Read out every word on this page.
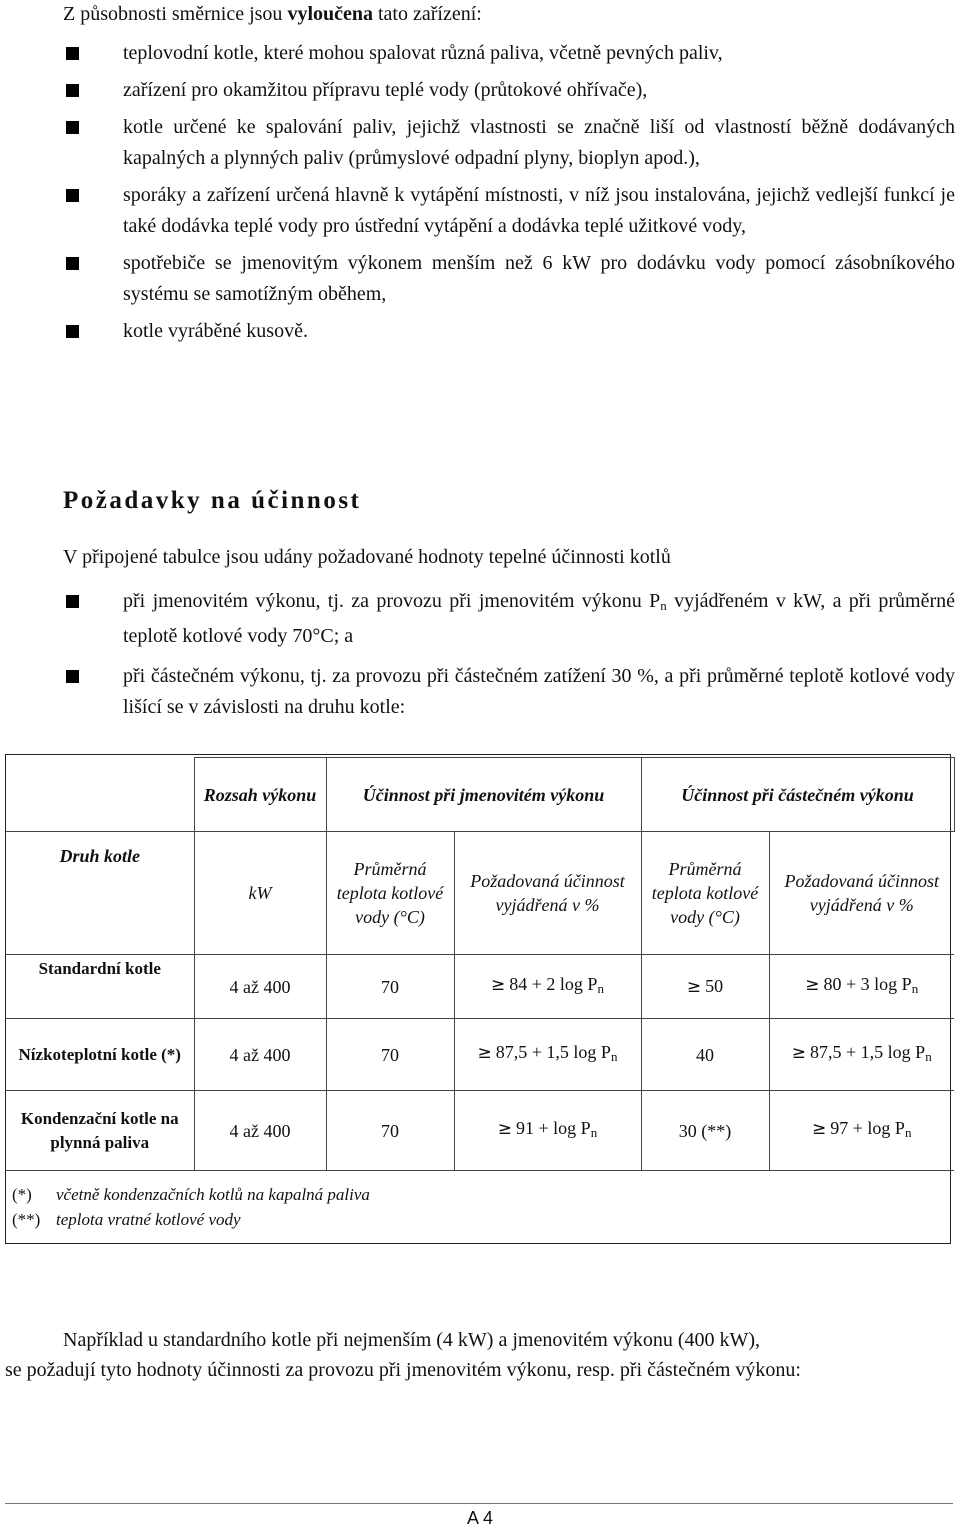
Z působnosti směrnice jsou vyloučena tato zařízení:
teplovodní kotle, které mohou spalovat různá paliva, včetně pevných paliv,
zařízení pro okamžitou přípravu teplé vody (průtokové ohřívače),
kotle určené ke spalování paliv, jejichž vlastnosti se značně liší od vlastností běžně dodávaných kapalných a plynných paliv (průmyslové odpadní plyny, bioplyn apod.),
sporáky a zařízení určená hlavně k vytápění místnosti, v níž jsou instalována, jejichž vedlejší funkcí je také dodávka teplé vody pro ústřední vytápění a dodávka teplé užitkové vody,
spotřebiče se jmenovitým výkonem menším než 6 kW pro dodávku vody pomocí zásobníkového systému se samotížným oběhem,
kotle vyráběné kusově.
Požadavky na účinnost
V připojené tabulce jsou udány požadované hodnoty tepelné účinnosti kotlů
při jmenovitém výkonu, tj. za provozu při jmenovitém výkonu $P_n$ vyjádřeném v kW, a při průměrné teplotě kotlové vody 70°C; a
při částečném výkonu, tj. za provozu při částečném zatížení 30 %, a při průměrné teplotě kotlové vody lišící se v závislosti na druhu kotle:
	Rozsah výkonu	Účinnost při jmenovitém výkonu		Účinnost při částečném výkonu	
Druh kotle	kW	Průměrná teplota kotlové vody (°C)	Požadovaná účinnost vyjádřená v %	Průměrná teplota kotlové vody (°C)	Požadovaná účinnost vyjádřená v %
Standardní kotle	4 až 400	70	≥ 84 + 2 $\log P_n$	≥ 50	≥ 80 + 3 $\log P_n$
Nízkoteplotní kotle (*)	4 až 400	70	≥ 87,5 + 1,5 $\log P_n$	40	≥ 87,5 + 1,5 $\log P_n$
Kondenzační kotle na plynná paliva	4 až 400	70	≥ $91 + \log P_n$	30 (**)	≥ $97 + \log P_n$
(*) včetně kondenzačních kotlů na kapalná paliva
(**) teplota vratné kotlové vody
Například u standardního kotle při nejmenším (4 kW) a jmenovitém výkonu (400 kW),
se požadují tyto hodnoty účinnosti za provozu při jmenovitém výkonu, resp. při částečném výkonu:
A 4
